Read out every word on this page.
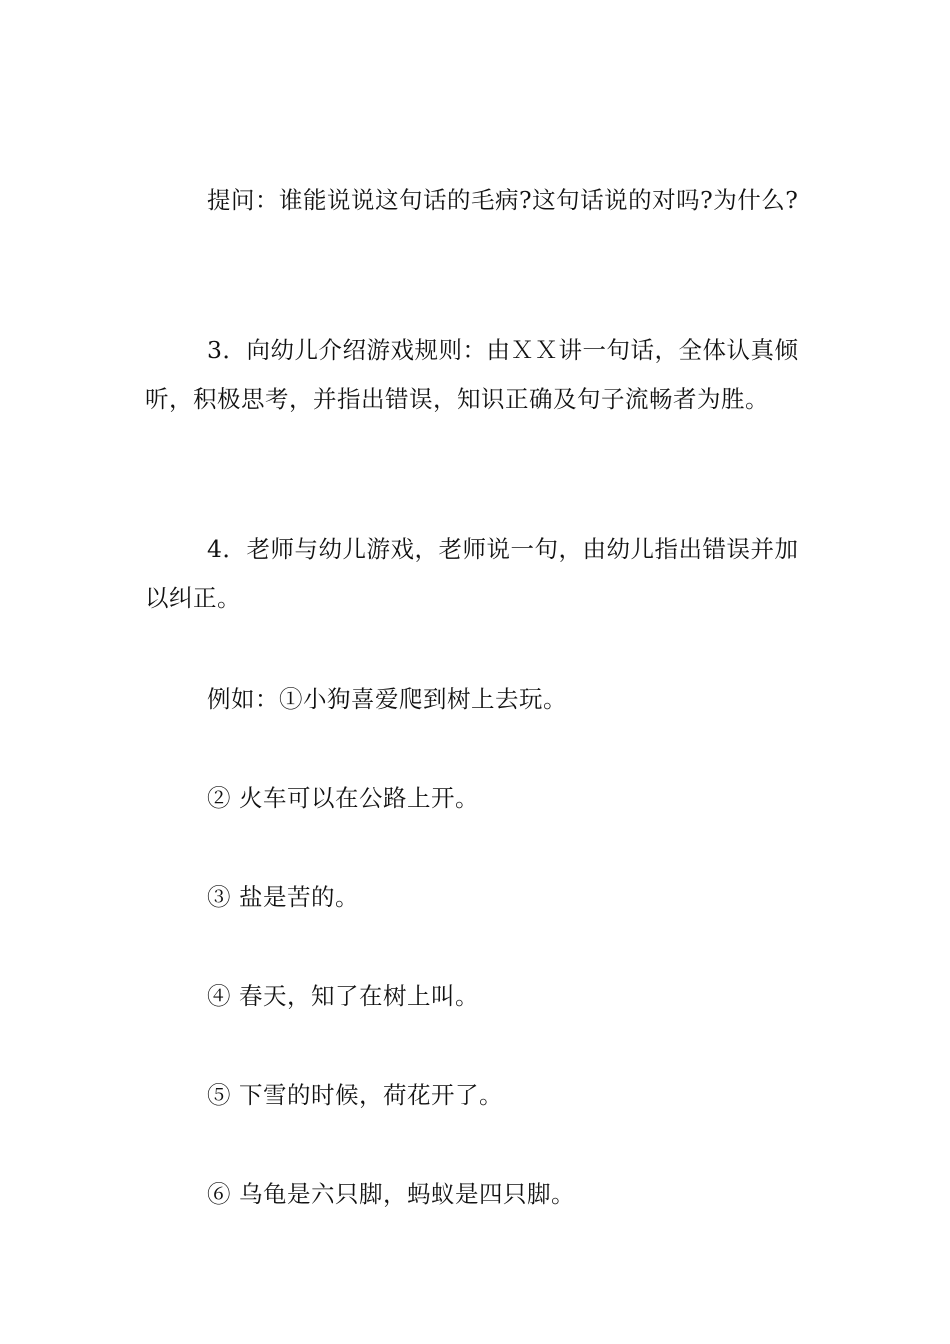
提问：谁能说说这句话的毛病?这句话说的对吗?为什么?

3．向幼儿介绍游戏规则：由ＸＸ讲一句话，全体认真倾听，积极思考，并指出错误，知识正确及句子流畅者为胜。

4．老师与幼儿游戏，老师说一句，由幼儿指出错误并加以纠正。

例如：①小狗喜爱爬到树上去玩。

② 火车可以在公路上开。

③ 盐是苦的。

④ 春天，知了在树上叫。

⑤ 下雪的时候，荷花开了。

⑥ 乌龟是六只脚，蚂蚁是四只脚。
